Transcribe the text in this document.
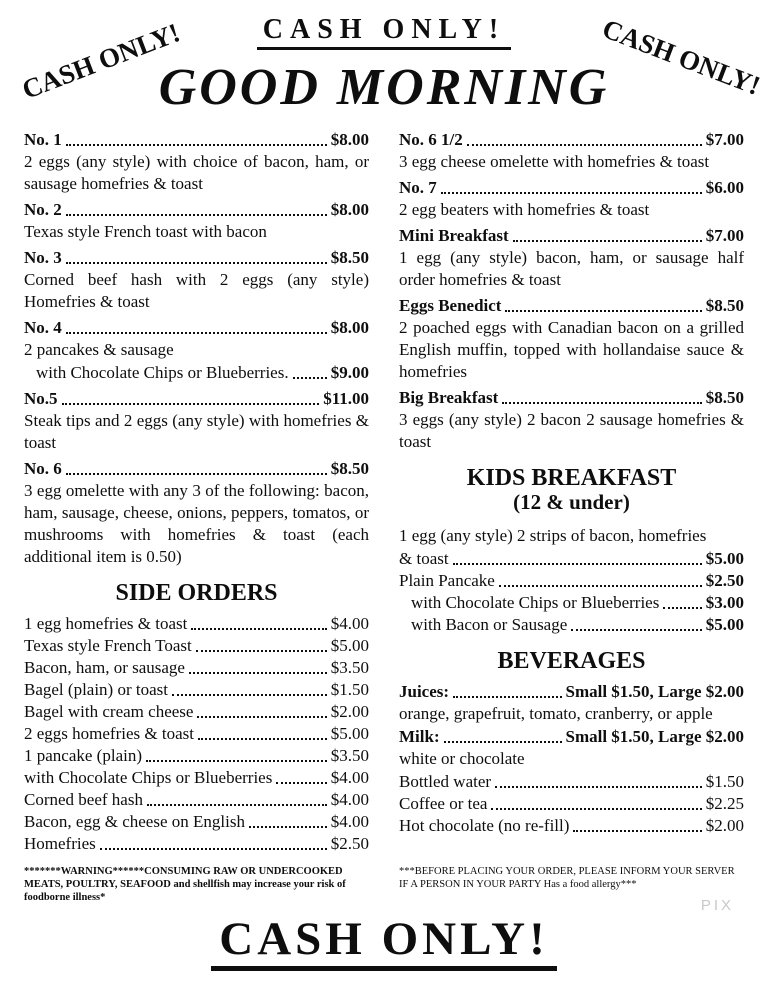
CASH ONLY!	CASH ONLY!
CASH ONLY!
GOOD MORNING
No. 1	$8.00

2 eggs (any style) with choice of bacon, ham, or sausage homefries & toast

No. 2	$8.00

Texas style French toast with bacon

No. 3	$8.50

Corned beef hash with 2 eggs (any style) Homefries & toast

No. 4	$8.00

2 pancakes & sausage

with Chocolate Chips or Blueberries. $9.00
No.5	$11.00

Steak tips and 2 eggs (any style) with homefries & toast

No. 6	$8.50

3 egg omelette with any 3 of the following: bacon, ham, sausage, cheese, onions, peppers, tomatos, or mushrooms with homefries & toast (each additional item is 0.50)

SIDE ORDERS
1 egg homefries & toast	$4.00
Texas style French Toast	$5.00
Bacon, ham, or sausage	$3.50
Bagel (plain) or toast	$1.50
Bagel with cream cheese	$2.00
2 eggs homefries & toast	$5.00
1 pancake (plain)	$3.50
with Chocolate Chips or Blueberries	$4.00
Corned beef hash	$4.00
Bacon, egg & cheese on English	$4.00
Homefries	$2.50
No. 6 1/2	$7.00

3 egg cheese omelette with homefries & toast

No. 7	$6.00

2 egg beaters with homefries & toast

Mini Breakfast	$7.00

1 egg (any style) bacon, ham, or sausage half order homefries & toast

Eggs Benedict	$8.50

2 poached eggs with Canadian bacon on a grilled English muffin, topped with hollandaise sauce & homefries

Big Breakfast	$8.50

3 eggs (any style) 2 bacon 2 sausage homefries & toast

KIDS BREAKFAST
(12 & under)

1 egg (any style) 2 strips of bacon, homefries

& toast	$5.00
Plain Pancake	$2.50
with Chocolate Chips or Blueberries	$3.00
with Bacon or Sausage	$5.00
BEVERAGES
Juices:	Small $1.50, Large $2.00

orange, grapefruit, tomato, cranberry, or apple

Milk:	Small $1.50, Large $2.00

white or chocolate

Bottled water	$1.50
Coffee or tea	$2.25
Hot chocolate (no re-fill)	$2.00
*******WARNING******CONSUMING RAW OR UNDERCOOKED MEATS, POULTRY, SEAFOOD and shellfish may increase your risk of foodborne illness*
***BEFORE PLACING YOUR ORDER, PLEASE INFORM YOUR SERVER IF A PERSON IN YOUR PARTY Has a food allergy***
PIX
CASH ONLY!
